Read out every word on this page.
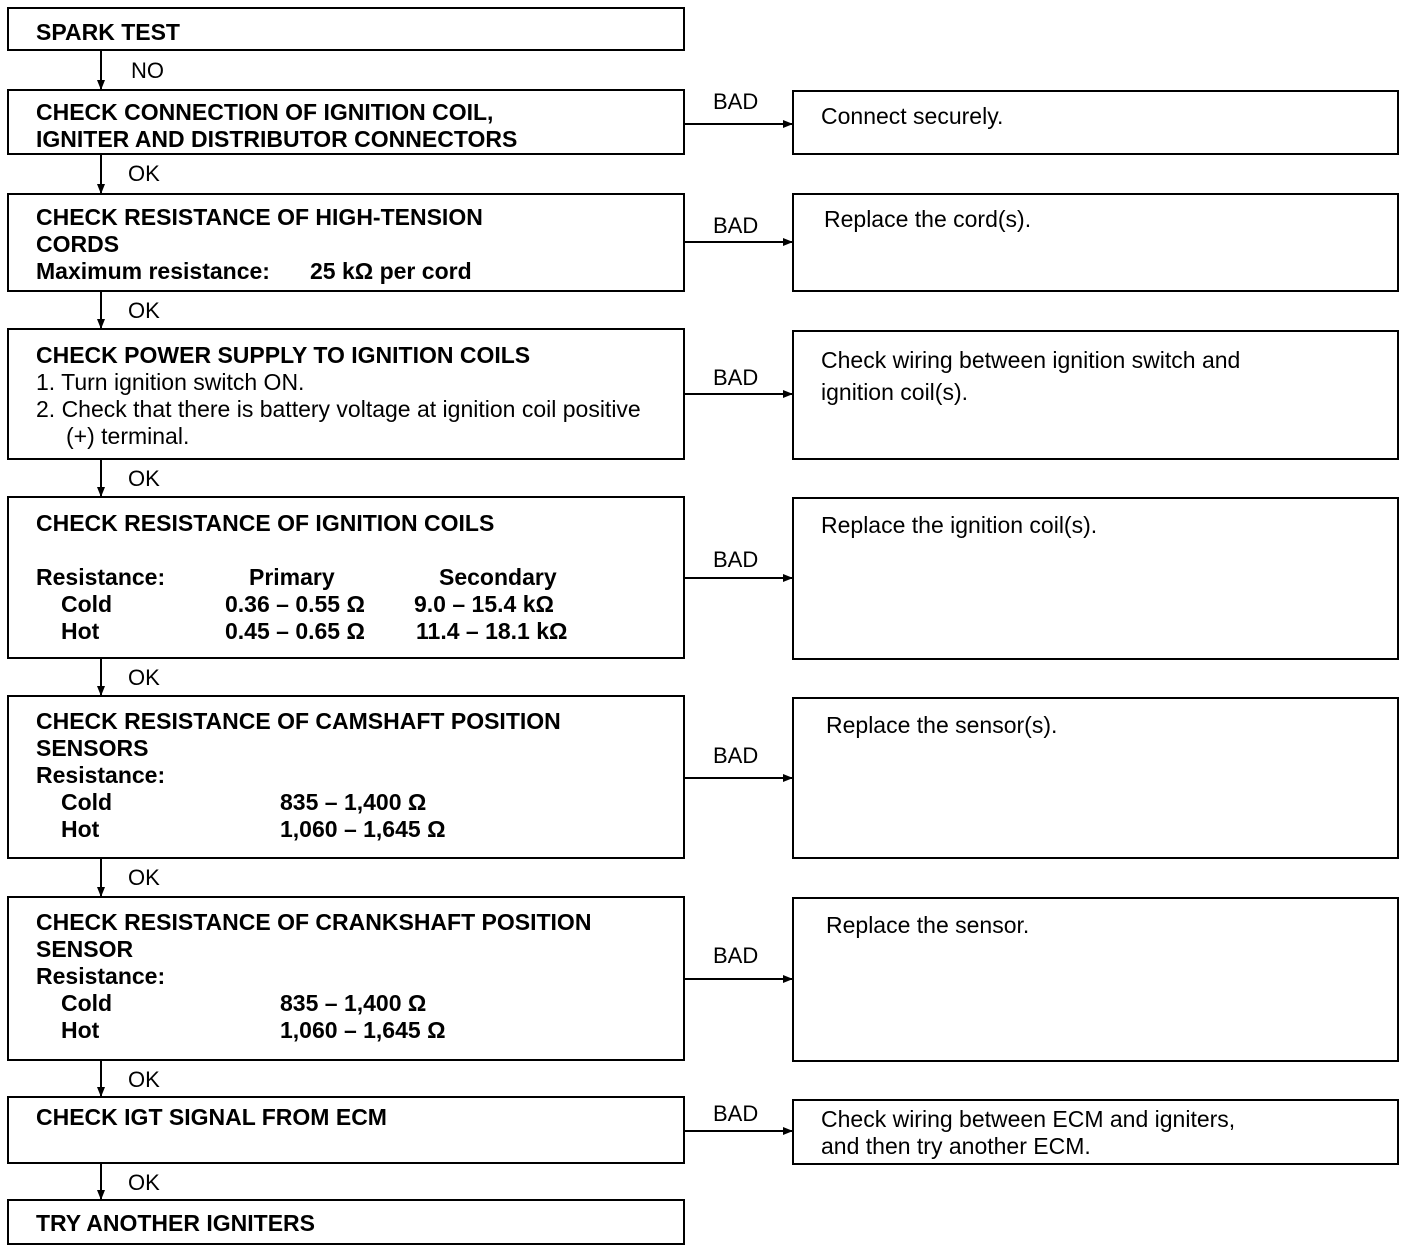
NO
OK
OK
OK
OK
OK
OK
OK
BAD
BAD
BAD
BAD
BAD
BAD
BAD
SPARK TEST
CHECK CONNECTION OF IGNITION COIL,
IGNITER AND DISTRIBUTOR CONNECTORS
Connect securely.
CHECK RESISTANCE OF HIGH-TENSION
CORDS
Maximum resistance: 25 kΩ per cord
Replace the cord(s).
CHECK POWER SUPPLY TO IGNITION COILS
1. Turn ignition switch ON.
2. Check that there is battery voltage at ignition coil positive (+) terminal.
Check wiring between ignition switch and
ignition coil(s).
CHECK RESISTANCE OF IGNITION COILS
Resistance:	Primary	Secondary
Cold	0.36 – 0.55 Ω 9.0 – 15.4 kΩ
Hot	0.45 – 0.65 Ω 11.4 – 18.1 kΩ
Replace the ignition coil(s).
CHECK RESISTANCE OF CAMSHAFT POSITION
SENSORS
Resistance:
Cold	835 – 1,400 Ω
Hot	1,060 – 1,645 Ω
Replace the sensor(s).
CHECK RESISTANCE OF CRANKSHAFT POSITION
SENSOR
Resistance:
Cold	835 – 1,400 Ω
Hot	1,060 – 1,645 Ω
Replace the sensor.
CHECK IGT SIGNAL FROM ECM	Check wiring between ECM and igniters,
and then try another ECM.
TRY ANOTHER IGNITERS
